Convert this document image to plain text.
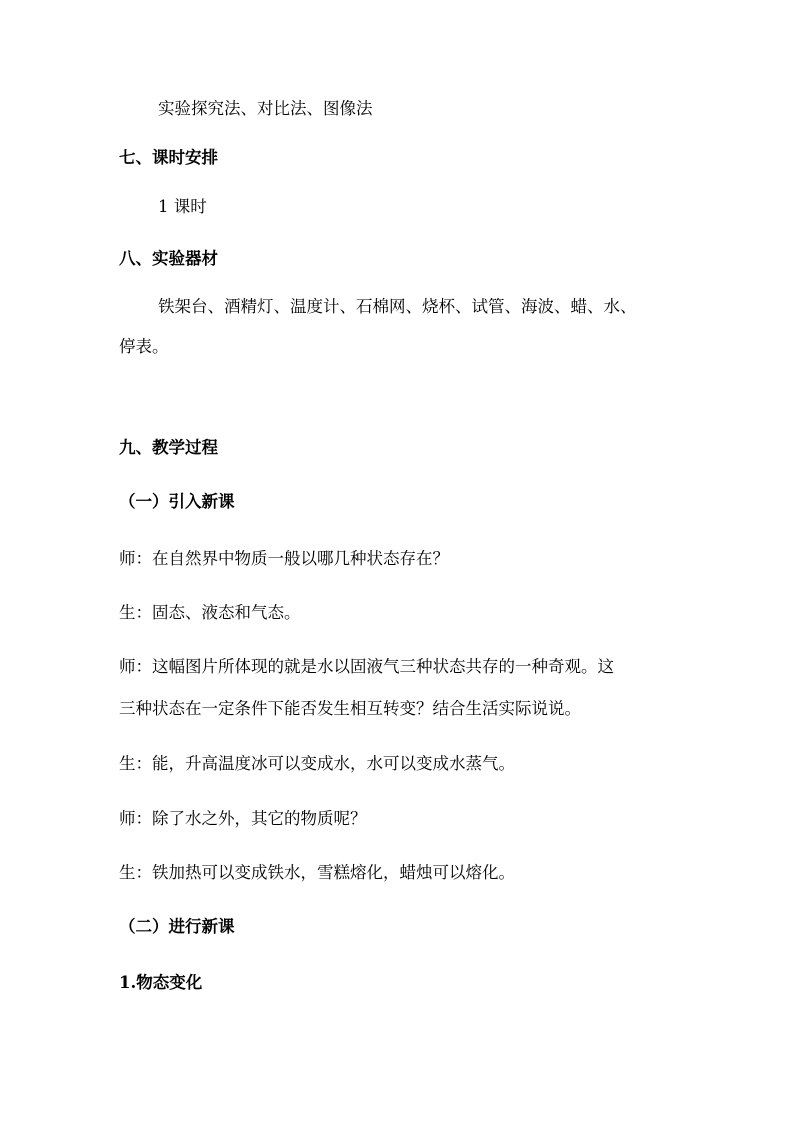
实验探究法、对比法、图像法
七、课时安排
1 课时
八、实验器材
铁架台、酒精灯、温度计、石棉网、烧杯、试管、海波、蜡、水、
停表。
九、教学过程
（一）引入新课
师：在自然界中物质一般以哪几种状态存在？
生：固态、液态和气态。
师：这幅图片所体现的就是水以固液气三种状态共存的一种奇观。这
三种状态在一定条件下能否发生相互转变？结合生活实际说说。
生：能，升高温度冰可以变成水，水可以变成水蒸气。
师：除了水之外，其它的物质呢？
生：铁加热可以变成铁水，雪糕熔化，蜡烛可以熔化。
（二）进行新课
1.物态变化
